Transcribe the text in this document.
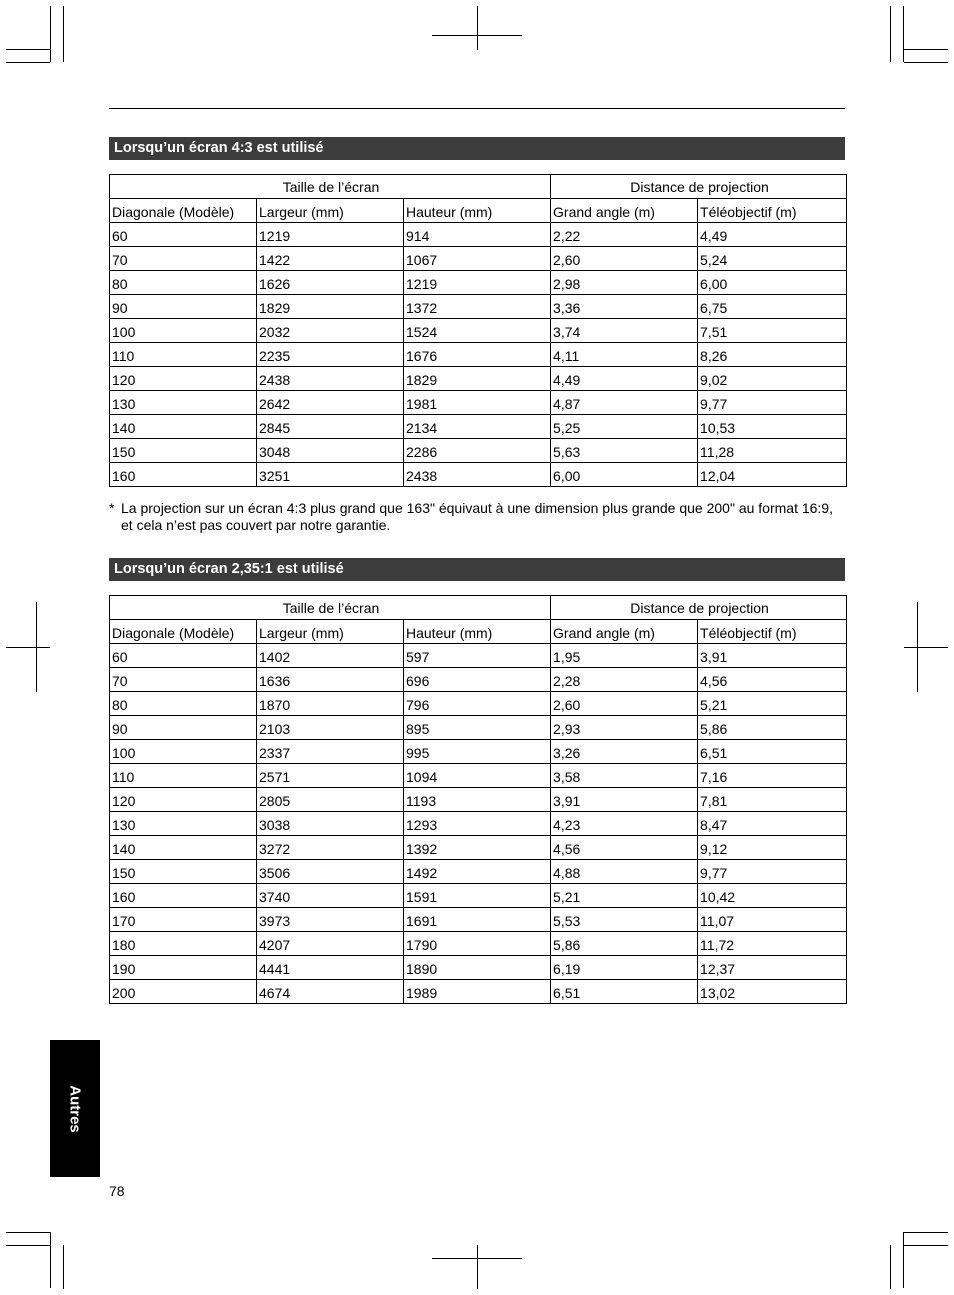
Lorsqu’un écran 4:3 est utilisé
Taille de l’écran			Distance de projection	
Diagonale (Modèle)	Largeur (mm)	Hauteur (mm)	Grand angle (m)	Téléobjectif (m)
60	1219	914	2,22	4,49
70	1422	1067	2,60	5,24
80	1626	1219	2,98	6,00
90	1829	1372	3,36	6,75
100	2032	1524	3,74	7,51
110	2235	1676	4,11	8,26
120	2438	1829	4,49	9,02
130	2642	1981	4,87	9,77
140	2845	2134	5,25	10,53
150	3048	2286	5,63	11,28
160	3251	2438	6,00	12,04
* La projection sur un écran 4:3 plus grand que 163" équivaut à une dimension plus grande que 200" au format 16:9,
et cela n’est pas couvert par notre garantie.
Lorsqu’un écran 2,35:1 est utilisé
Taille de l’écran			Distance de projection	
Diagonale (Modèle)	Largeur (mm)	Hauteur (mm)	Grand angle (m)	Téléobjectif (m)
60	1402	597	1,95	3,91
70	1636	696	2,28	4,56
80	1870	796	2,60	5,21
90	2103	895	2,93	5,86
100	2337	995	3,26	6,51
110	2571	1094	3,58	7,16
120	2805	1193	3,91	7,81
130	3038	1293	4,23	8,47
140	3272	1392	4,56	9,12
150	3506	1492	4,88	9,77
160	3740	1591	5,21	10,42
170	3973	1691	5,53	11,07
180	4207	1790	5,86	11,72
190	4441	1890	6,19	12,37
200	4674	1989	6,51	13,02
Autres
78
